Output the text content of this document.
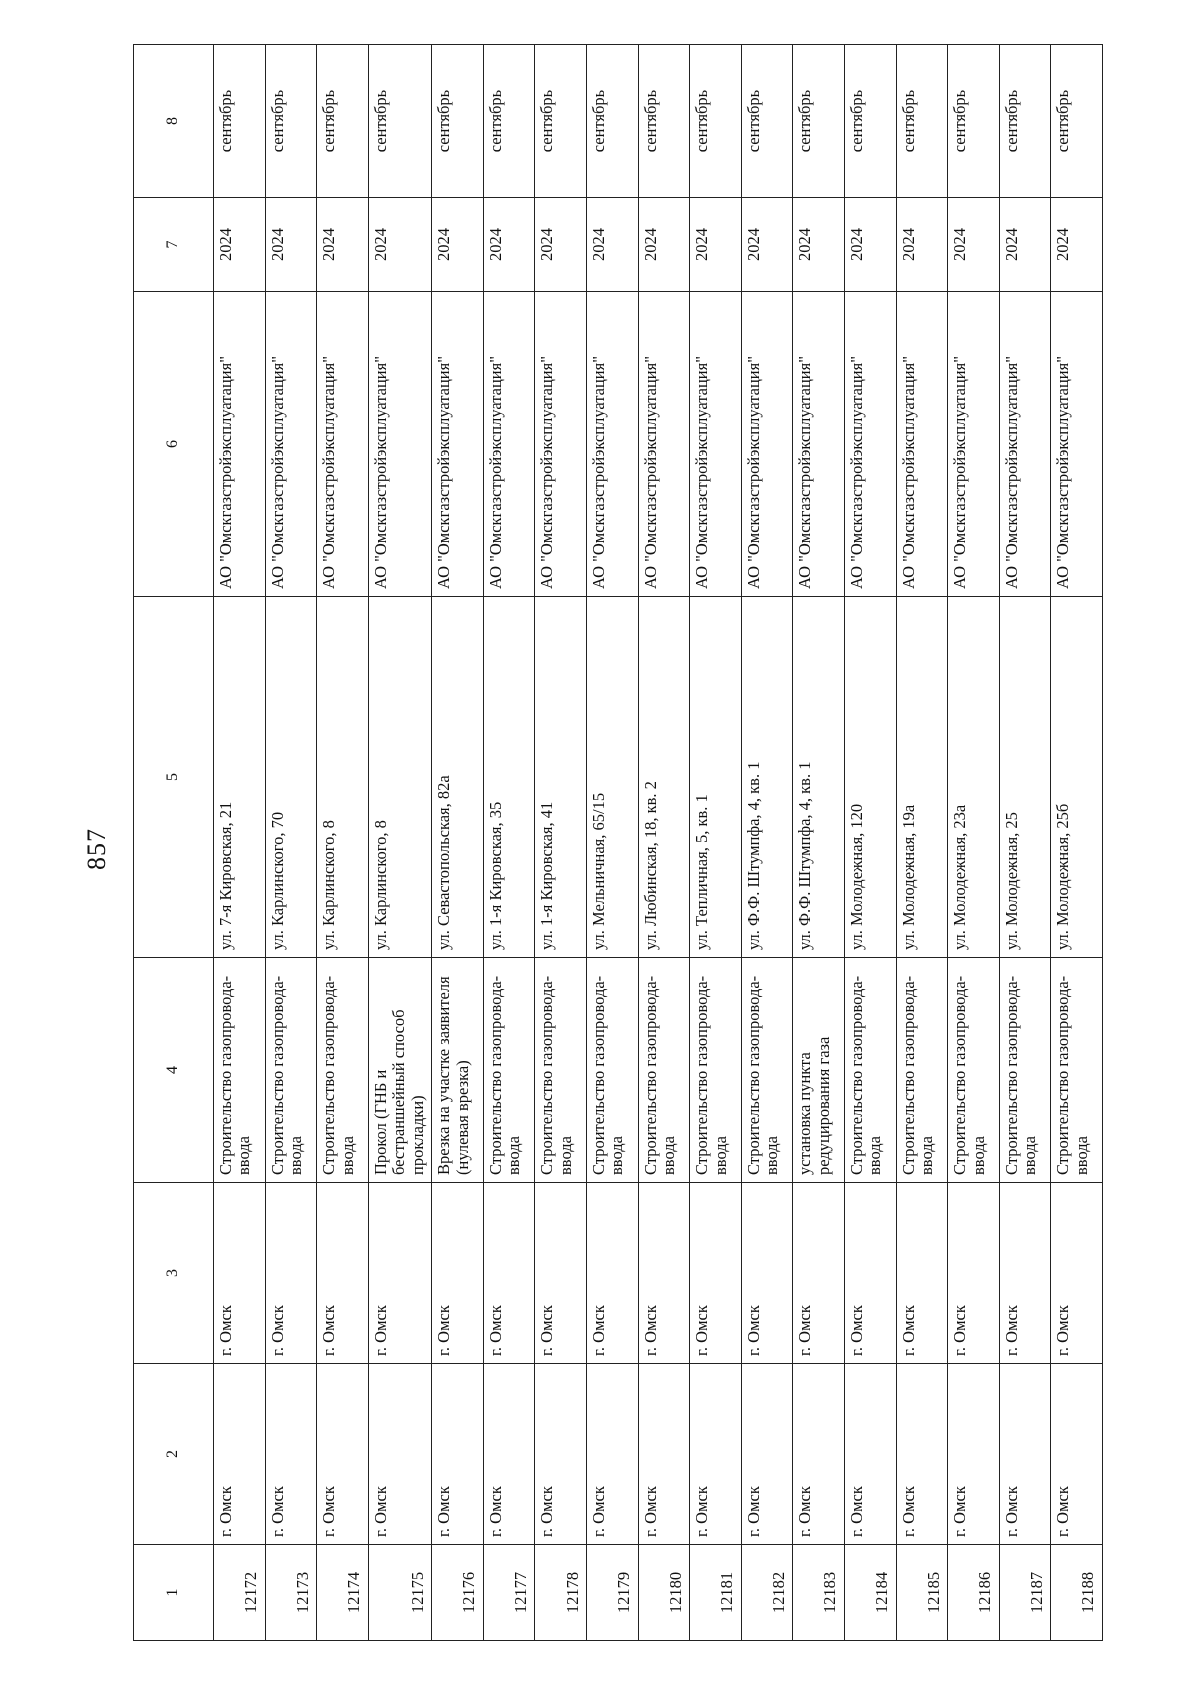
857
1	2	3	4	5	6	7	8
12172	г. Омск	г. Омск	Строительство газопровода-ввода	ул. 7-я Кировская, 21	АО "Омскгазстройэксплуатация"	2024	сентябрь
12173	г. Омск	г. Омск	Строительство газопровода-ввода	ул. Карлинского, 70	АО "Омскгазстройэксплуатация"	2024	сентябрь
12174	г. Омск	г. Омск	Строительство газопровода-ввода	ул. Карлинского, 8	АО "Омскгазстройэксплуатация"	2024	сентябрь
12175	г. Омск	г. Омск	Прокол (ГНБ и бестраншейный способ прокладки)	ул. Карлинского, 8	АО "Омскгазстройэксплуатация"	2024	сентябрь
12176	г. Омск	г. Омск	Врезка на участке заявителя (нулевая врезка)	ул. Севастопольская, 82а	АО "Омскгазстройэксплуатация"	2024	сентябрь
12177	г. Омск	г. Омск	Строительство газопровода-ввода	ул. 1-я Кировская, 35	АО "Омскгазстройэксплуатация"	2024	сентябрь
12178	г. Омск	г. Омск	Строительство газопровода-ввода	ул. 1-я Кировская, 41	АО "Омскгазстройэксплуатация"	2024	сентябрь
12179	г. Омск	г. Омск	Строительство газопровода-ввода	ул. Мельничная, 65/15	АО "Омскгазстройэксплуатация"	2024	сентябрь
12180	г. Омск	г. Омск	Строительство газопровода-ввода	ул. Любинская, 18, кв. 2	АО "Омскгазстройэксплуатация"	2024	сентябрь
12181	г. Омск	г. Омск	Строительство газопровода-ввода	ул. Тепличная, 5, кв. 1	АО "Омскгазстройэксплуатация"	2024	сентябрь
12182	г. Омск	г. Омск	Строительство газопровода-ввода	ул. Ф.Ф. Штумпфа, 4, кв. 1	АО "Омскгазстройэксплуатация"	2024	сентябрь
12183	г. Омск	г. Омск	установка пункта редуцирования газа	ул. Ф.Ф. Штумпфа, 4, кв. 1	АО "Омскгазстройэксплуатация"	2024	сентябрь
12184	г. Омск	г. Омск	Строительство газопровода-ввода	ул. Молодежная, 120	АО "Омскгазстройэксплуатация"	2024	сентябрь
12185	г. Омск	г. Омск	Строительство газопровода-ввода	ул. Молодежная, 19а	АО "Омскгазстройэксплуатация"	2024	сентябрь
12186	г. Омск	г. Омск	Строительство газопровода-ввода	ул. Молодежная, 23а	АО "Омскгазстройэксплуатация"	2024	сентябрь
12187	г. Омск	г. Омск	Строительство газопровода-ввода	ул. Молодежная, 25	АО "Омскгазстройэксплуатация"	2024	сентябрь
12188	г. Омск	г. Омск	Строительство газопровода-ввода	ул. Молодежная, 25б	АО "Омскгазстройэксплуатация"	2024	сентябрь
